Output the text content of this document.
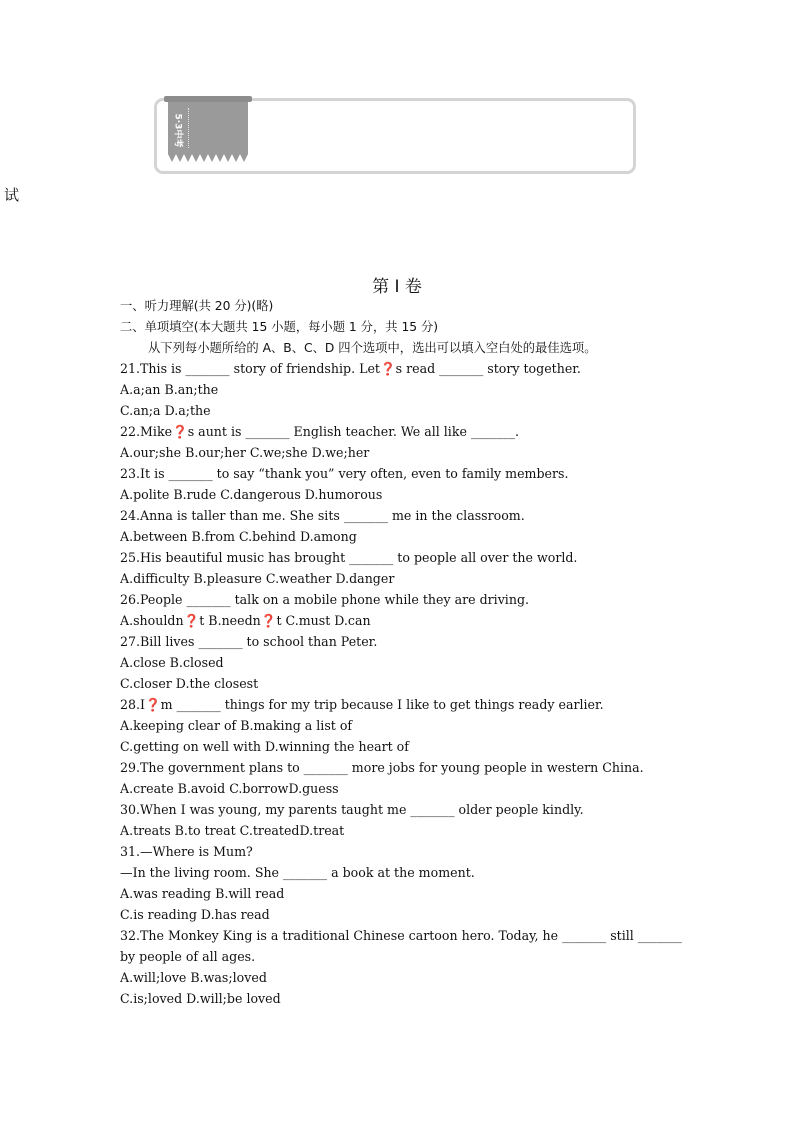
5·3中考
试
第 I 卷
一、听力理解(共 20 分)(略)
二、单项填空(本大题共 15 小题，每小题 1 分，共 15 分)
从下列每小题所给的 A、B、C、D 四个选项中，选出可以填入空白处的最佳选项。
21.This is _______ story of friendship. Let❓s read _______ story together.
A.a;an B.an;the
C.an;a D.a;the
22.Mike❓s aunt is _______ English teacher. We all like _______.
A.our;she B.our;her C.we;she D.we;her
23.It is _______ to say “thank you” very often, even to family members.
A.polite B.rude C.dangerous D.humorous
24.Anna is taller than me. She sits _______ me in the classroom.
A.between B.from C.behind D.among
25.His beautiful music has brought _______ to people all over the world.
A.difficulty B.pleasure C.weather D.danger
26.People _______ talk on a mobile phone while they are driving.
A.shouldn❓t B.needn❓t C.must D.can
27.Bill lives _______ to school than Peter.
A.close B.closed
C.closer D.the closest
28.I❓m _______ things for my trip because I like to get things ready earlier.
A.keeping clear of B.making a list of
C.getting on well with D.winning the heart of
29.The government plans to _______ more jobs for young people in western China.
A.create B.avoid C.borrowD.guess
30.When I was young, my parents taught me _______ older people kindly.
A.treats B.to treat C.treatedD.treat
31.—Where is Mum?
—In the living room. She _______ a book at the moment.
A.was reading B.will read
C.is reading D.has read
32.The Monkey King is a traditional Chinese cartoon hero. Today, he _______ still _______
by people of all ages.
A.will;love B.was;loved
C.is;loved D.will;be loved
